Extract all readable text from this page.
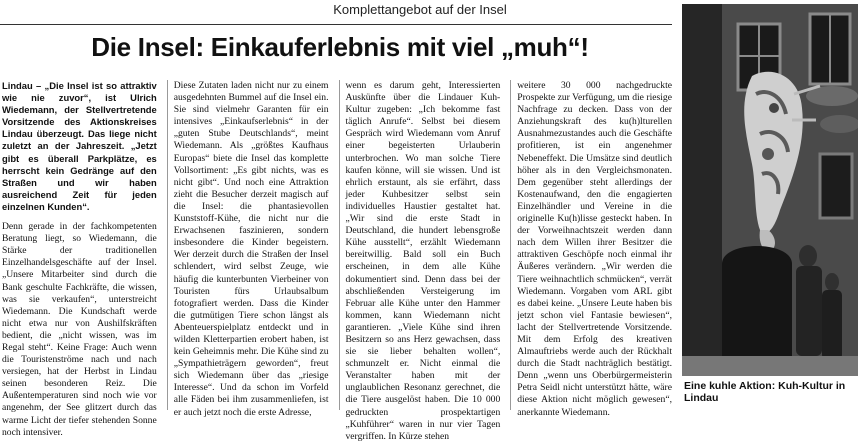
Komplettangebot auf der Insel
Die Insel: Einkauferlebnis mit viel „muh“!

Lindau – „Die Insel ist so attraktiv wie nie zuvor“, ist Ulrich Wiedemann, der Stellvertretende Vorsitzende des Aktionskreises Lindau überzeugt. Das liege nicht zuletzt an der Jahreszeit. „Jetzt gibt es überall Parkplätze, es herrscht kein Gedränge auf den Straßen und wir haben ausreichend Zeit für jeden einzelnen Kunden“.

Denn gerade in der fachkompetenten Beratung liegt, so Wiedemann, die Stärke der traditionellen Einzelhandelsgeschäfte auf der Insel. „Unsere Mitarbeiter sind durch die Bank geschulte Fachkräfte, die wissen, was sie verkaufen“, unterstreicht Wiedemann. Die Kundschaft werde nicht etwa nur von Aushilfskräften bedient, die „nicht wissen, was im Regal steht“. Keine Frage: Auch wenn die Touristenströme nach und nach versiegen, hat der Herbst in Lindau seinen besonderen Reiz. Die Außentemperaturen sind noch wie vor angenehm, der See glitzert durch das warme Licht der tiefer stehenden Sonne noch intensiver.

Diese Zutaten laden nicht nur zu einem ausgedehnten Bummel auf die Insel ein. Sie sind vielmehr Garanten für ein intensives „Einkaufserlebnis“ in der „guten Stube Deutschlands“, meint Wiedemann. Als „größtes Kaufhaus Europas“ biete die Insel das komplette Vollsortiment: „Es gibt nichts, was es nicht gibt“. Und noch eine Attraktion zieht die Besucher derzeit magisch auf die Insel: die phantasievollen Kunststoff-Kühe, die nicht nur die Erwachsenen faszinieren, sondern insbesondere die Kinder begeistern. Wer derzeit durch die Straßen der Insel schlendert, wird selbst Zeuge, wie häufig die kunterbunten Vierbeiner von Touristen fürs Urlaubsalbum fotografiert werden. Dass die Kinder die gutmütigen Tiere schon längst als Abenteuerspielplatz entdeckt und in wilden Kletterpartien erobert haben, ist kein Geheimnis mehr. Die Kühe sind zu „Sympathieträgern geworden“, freut sich Wiedemann über das „riesige Interesse“. Und da schon im Vorfeld alle Fäden bei ihm zusammenliefen, ist er auch jetzt noch die erste Adresse,

wenn es darum geht, Interessierten Auskünfte über die Lindauer Kuh-Kultur zugeben: „Ich bekomme fast täglich Anrufe“. Selbst bei diesem Gespräch wird Wiedemann vom Anruf einer begeisterten Urlauberin unterbrochen. Wo man solche Tiere kaufen könne, will sie wissen. Und ist ehrlich erstaunt, als sie erfährt, dass jeder Kuhbesitzer selbst sein individuelles Haustier gestaltet hat. „Wir sind die erste Stadt in Deutschland, die hundert lebensgroße Kühe ausstellt“, erzählt Wiedemann bereitwillig. Bald soll ein Buch erscheinen, in dem alle Kühe dokumentiert sind. Denn dass bei der abschließenden Versteigerung im Februar alle Kühe unter den Hammer kommen, kann Wiedemann nicht garantieren. „Viele Kühe sind ihren Besitzern so ans Herz gewachsen, dass sie sie lieber behalten wollen“, schmunzelt er. Nicht einmal die Veranstalter haben mit der unglaublichen Resonanz gerechnet, die die Tiere ausgelöst haben. Die 10 000 gedruckten prospektartigen „Kuhführer“ waren in nur vier Tagen vergriffen. In Kürze stehen

weitere 30 000 nachgedruckte Prospekte zur Verfügung, um die riesige Nachfrage zu decken. Dass von der Anziehungskraft des ku(h)lturellen Ausnahmezustandes auch die Geschäfte profitieren, ist ein angenehmer Nebeneffekt. Die Umsätze sind deutlich höher als in den Vergleichsmonaten. Dem gegenüber steht allerdings der Kostenaufwand, den die engagierten Einzelhändler und Vereine in die originelle Ku(h)lisse gesteckt haben. In der Vorweihnachtszeit werden dann nach dem Willen ihrer Besitzer die attraktiven Geschöpfe noch einmal ihr Äußeres verändern. „Wir werden die Tiere weihnachtlich schmücken“, verrät Wiedemann. Vorgaben vom ARL gibt es dabei keine. „Unsere Leute haben bis jetzt schon viel Fantasie bewiesen“, lacht der Stellvertretende Vorsitzende. Mit dem Erfolg des kreativen Almauftriebs werde auch der Rückhalt durch die Stadt nachträglich bestätigt. Denn „wenn uns Oberbürgermeisterin Petra Seidl nicht unterstützt hätte, wäre diese Aktion nicht möglich gewesen“, anerkannte Wiedemann.

Eine kuhle Aktion: Kuh-Kultur in Lindau
